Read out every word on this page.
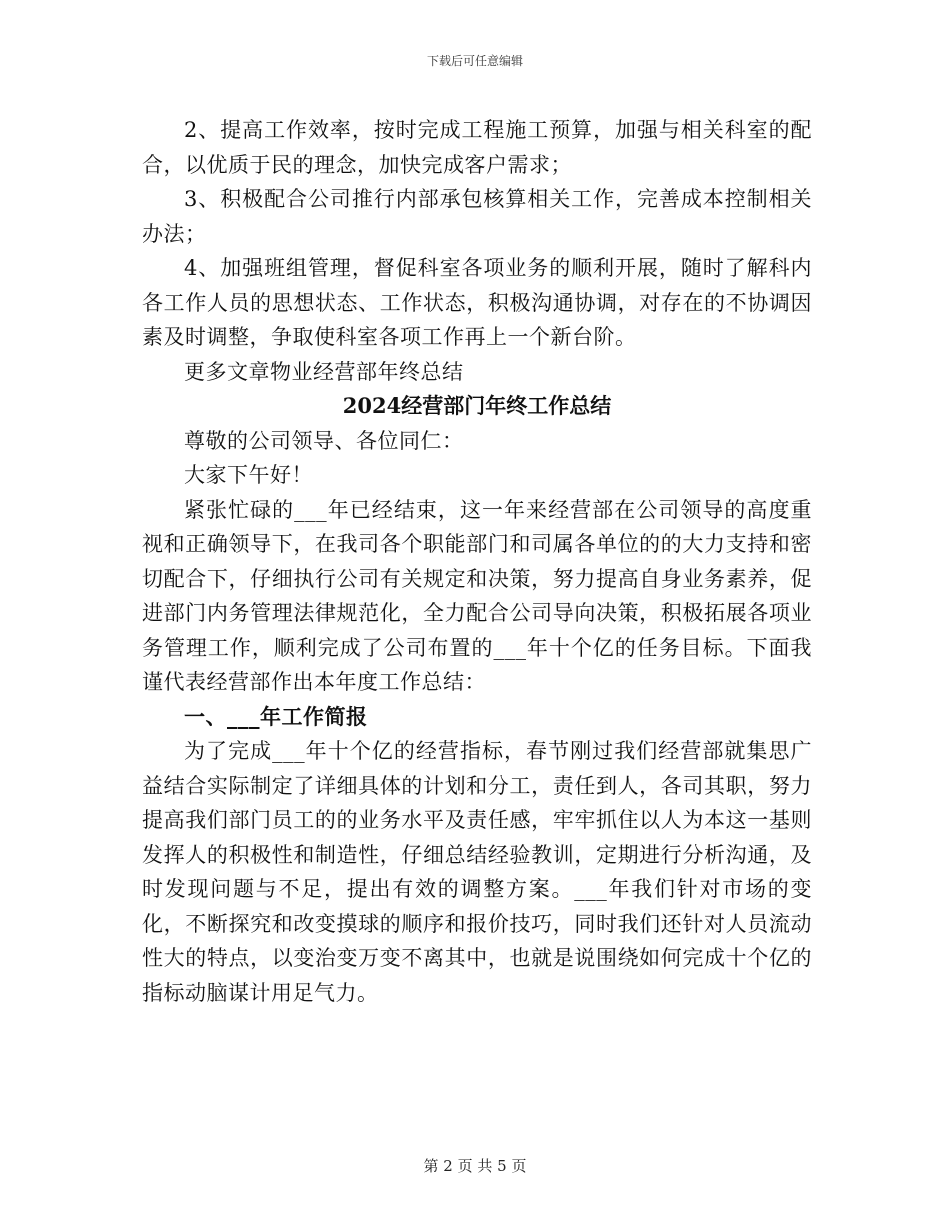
下载后可任意编辑

2、提高工作效率，按时完成工程施工预算，加强与相关科室的配合，以优质于民的理念，加快完成客户需求；

3、积极配合公司推行内部承包核算相关工作，完善成本控制相关办法；

4、加强班组管理，督促科室各项业务的顺利开展，随时了解科内各工作人员的思想状态、工作状态，积极沟通协调，对存在的不协调因素及时调整，争取使科室各项工作再上一个新台阶。

更多文章物业经营部年终总结

2024经营部门年终工作总结

尊敬的公司领导、各位同仁：

大家下午好！

紧张忙碌的___年已经结束，这一年来经营部在公司领导的高度重视和正确领导下，在我司各个职能部门和司属各单位的的大力支持和密切配合下，仔细执行公司有关规定和决策，努力提高自身业务素养，促进部门内务管理法律规范化，全力配合公司导向决策，积极拓展各项业务管理工作，顺利完成了公司布置的___年十个亿的任务目标。下面我谨代表经营部作出本年度工作总结：

一、___年工作简报

为了完成___年十个亿的经营指标，春节刚过我们经营部就集思广益结合实际制定了详细具体的计划和分工，责任到人，各司其职，努力提高我们部门员工的的业务水平及责任感，牢牢抓住以人为本这一基则发挥人的积极性和制造性，仔细总结经验教训，定期进行分析沟通，及时发现问题与不足，提出有效的调整方案。___年我们针对市场的变化，不断探究和改变摸球的顺序和报价技巧，同时我们还针对人员流动性大的特点，以变治变万变不离其中，也就是说围绕如何完成十个亿的指标动脑谋计用足气力。

第 2 页 共 5 页
